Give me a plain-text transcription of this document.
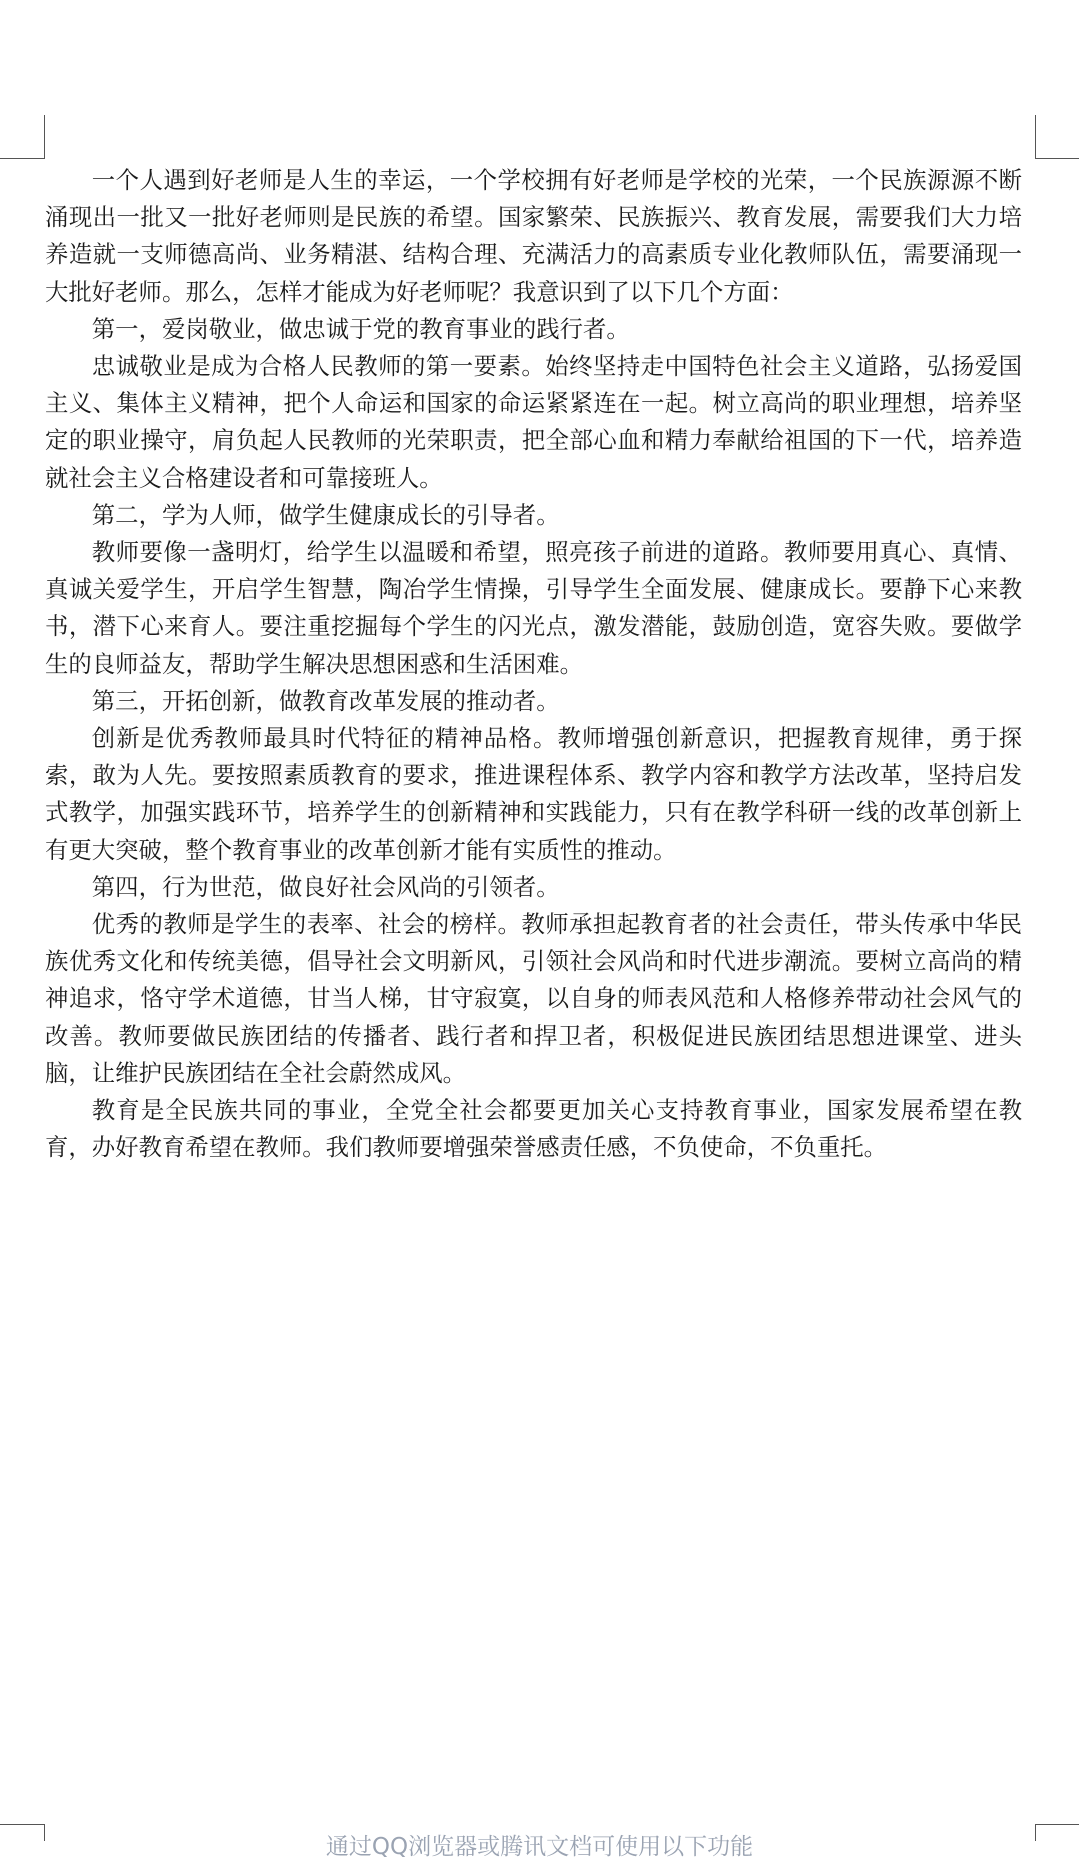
一个人遇到好老师是人生的幸运，一个学校拥有好老师是学校的光荣，一个民族源源不断涌现出一批又一批好老师则是民族的希望。国家繁荣、民族振兴、教育发展，需要我们大力培养造就一支师德高尚、业务精湛、结构合理、充满活力的高素质专业化教师队伍，需要涌现一大批好老师。那么，怎样才能成为好老师呢？我意识到了以下几个方面：

第一，爱岗敬业，做忠诚于党的教育事业的践行者。

忠诚敬业是成为合格人民教师的第一要素。始终坚持走中国特色社会主义道路，弘扬爱国主义、集体主义精神，把个人命运和国家的命运紧紧连在一起。树立高尚的职业理想，培养坚定的职业操守，肩负起人民教师的光荣职责，把全部心血和精力奉献给祖国的下一代，培养造就社会主义合格建设者和可靠接班人。

第二，学为人师，做学生健康成长的引导者。

教师要像一盏明灯，给学生以温暖和希望，照亮孩子前进的道路。教师要用真心、真情、真诚关爱学生，开启学生智慧，陶冶学生情操，引导学生全面发展、健康成长。要静下心来教书，潜下心来育人。要注重挖掘每个学生的闪光点，激发潜能，鼓励创造，宽容失败。要做学生的良师益友，帮助学生解决思想困惑和生活困难。

第三，开拓创新，做教育改革发展的推动者。

创新是优秀教师最具时代特征的精神品格。教师增强创新意识，把握教育规律，勇于探索，敢为人先。要按照素质教育的要求，推进课程体系、教学内容和教学方法改革，坚持启发式教学，加强实践环节，培养学生的创新精神和实践能力，只有在教学科研一线的改革创新上有更大突破，整个教育事业的改革创新才能有实质性的推动。

第四，行为世范，做良好社会风尚的引领者。

优秀的教师是学生的表率、社会的榜样。教师承担起教育者的社会责任，带头传承中华民族优秀文化和传统美德，倡导社会文明新风，引领社会风尚和时代进步潮流。要树立高尚的精神追求，恪守学术道德，甘当人梯，甘守寂寞，以自身的师表风范和人格修养带动社会风气的改善。教师要做民族团结的传播者、践行者和捍卫者，积极促进民族团结思想进课堂、进头脑，让维护民族团结在全社会蔚然成风。

教育是全民族共同的事业，全党全社会都要更加关心支持教育事业，国家发展希望在教育，办好教育希望在教师。我们教师要增强荣誉感责任感，不负使命，不负重托。

通过QQ浏览器或腾讯文档可使用以下功能
